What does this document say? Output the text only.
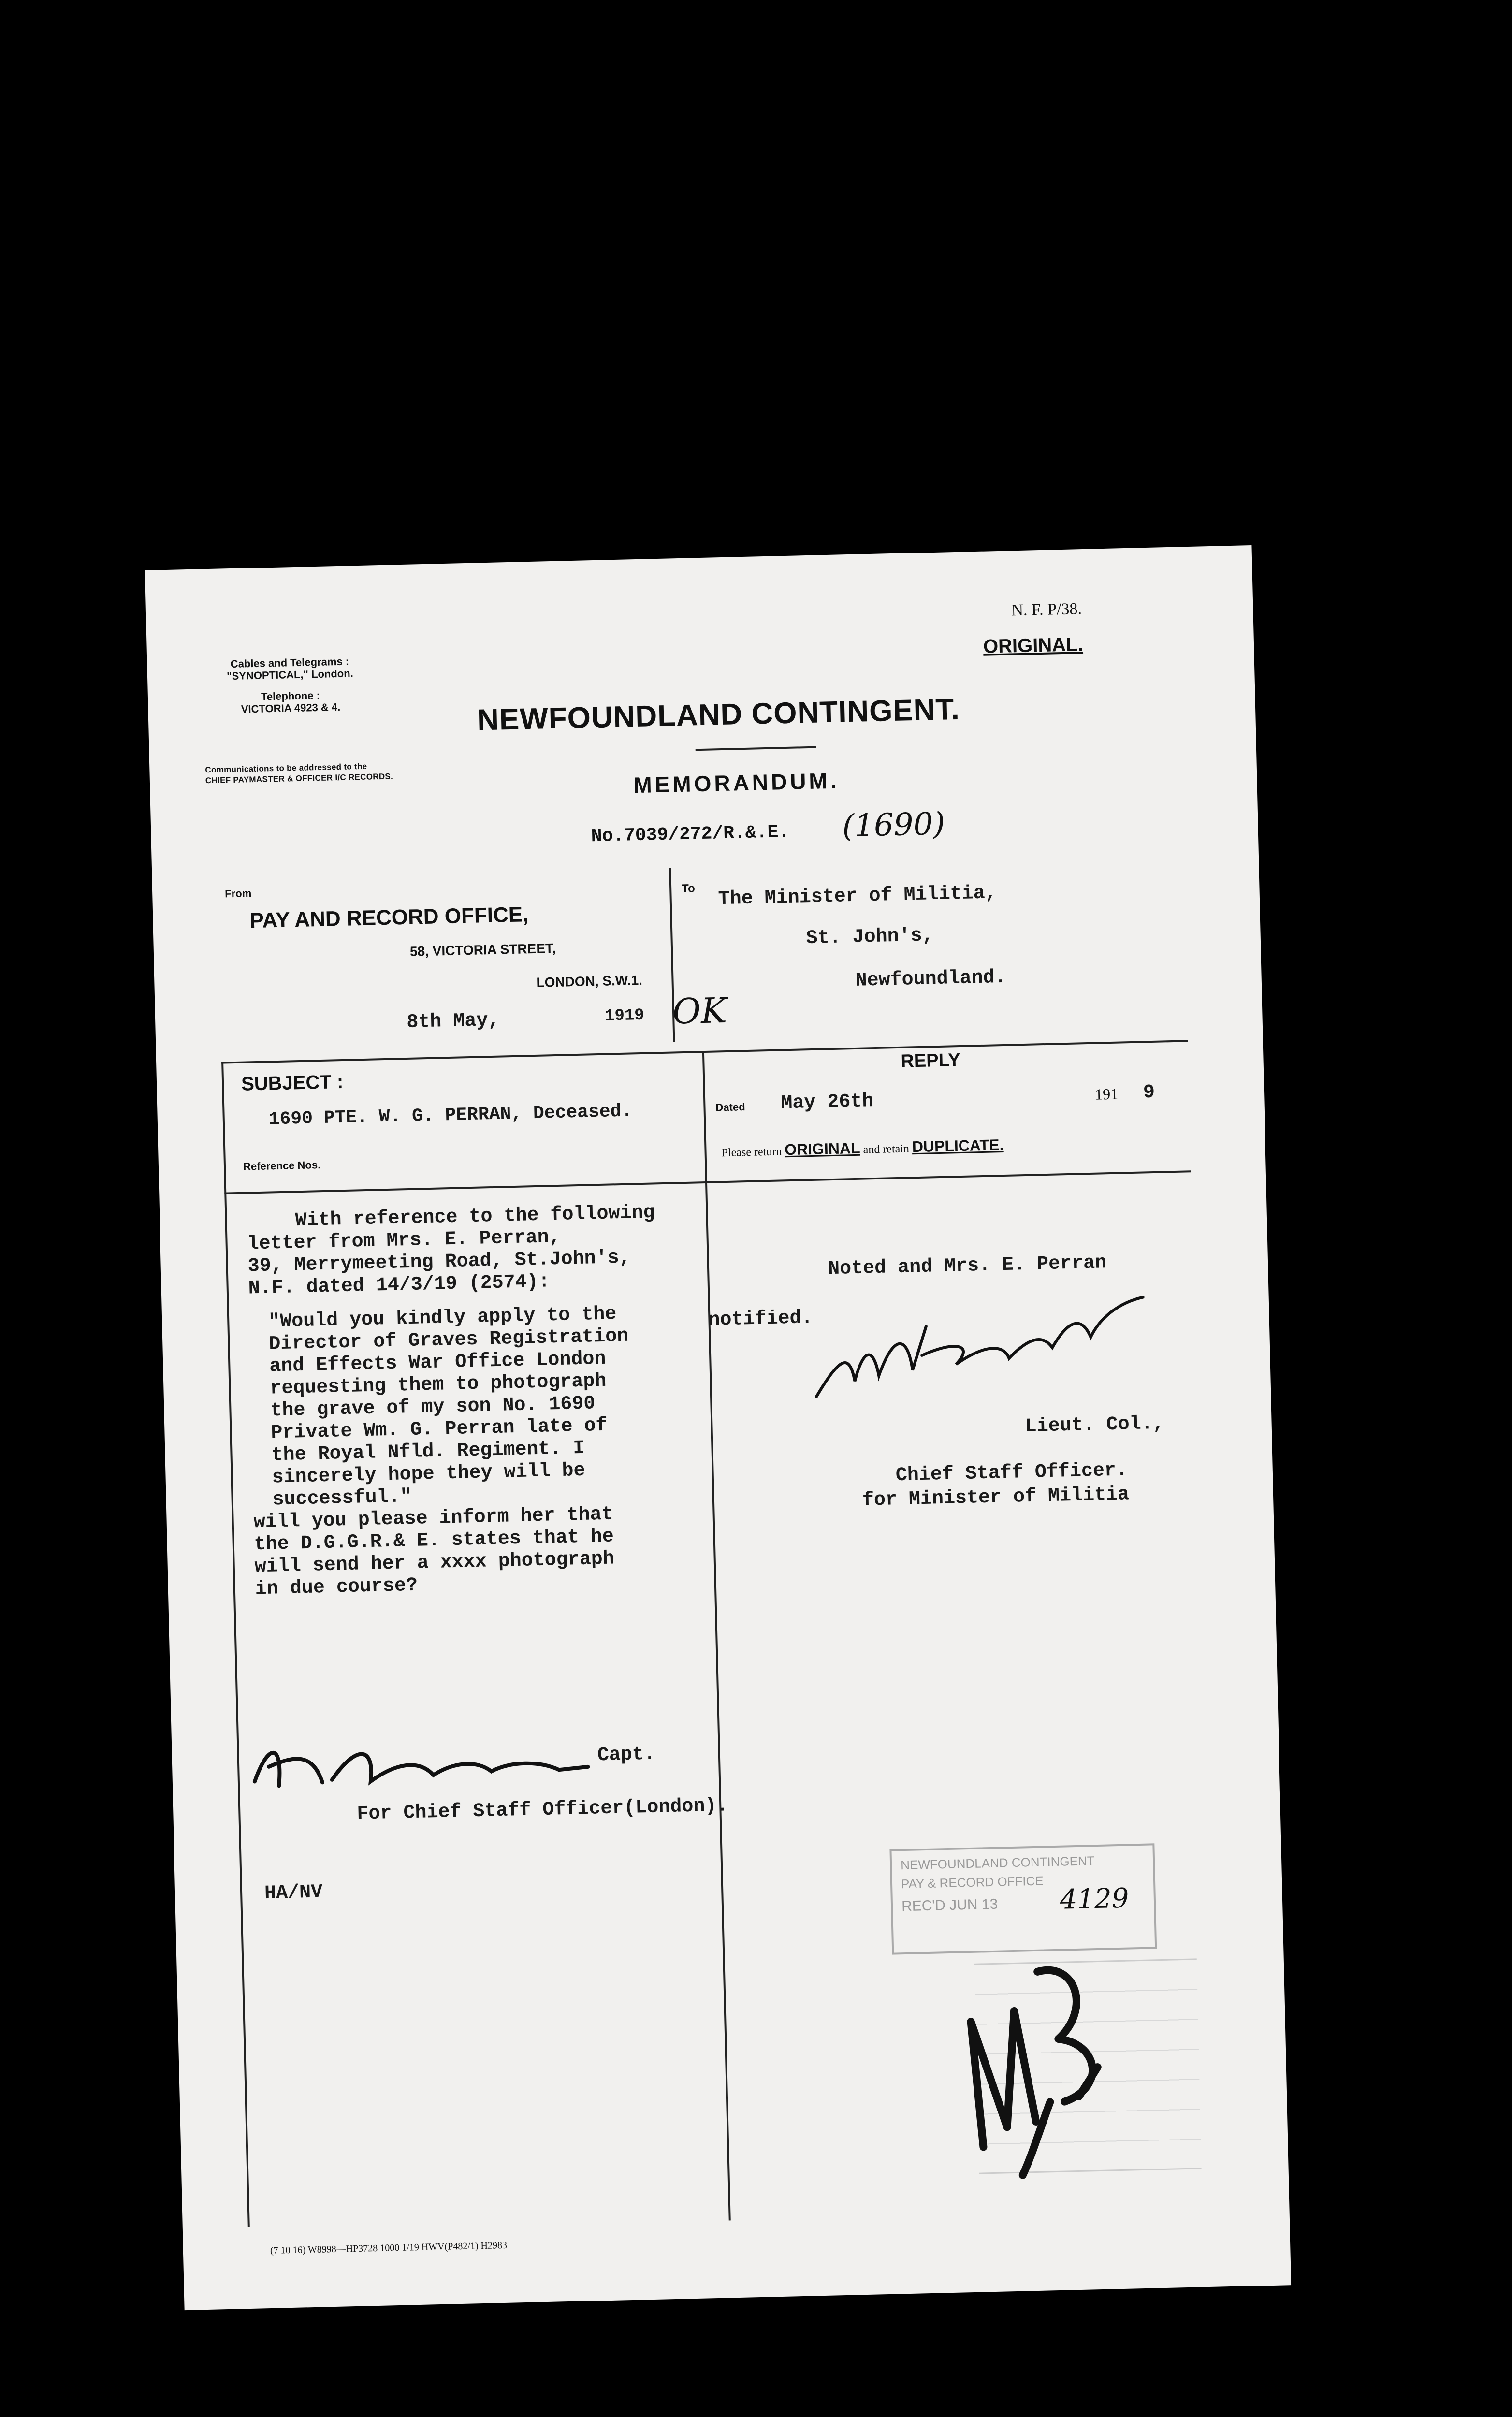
Cables and Telegrams :
"SYNOPTICAL," London.
Telephone :
VICTORIA 4923 & 4.
Communications to be addressed to the
CHIEF PAYMASTER & OFFICER I/C RECORDS.
N. F. P/38.
ORIGINAL.
NEWFOUNDLAND CONTINGENT.
MEMORANDUM.
No.7039/272/R.&.E. (1690)
From
PAY AND RECORD OFFICE,
58, VICTORIA STREET,
LONDON, S.W.1.
8th May,	1919
To The Minister of Militia,
St. John's,
Newfoundland.
OK
SUBJECT :
1690 PTE. W. G. PERRAN, Deceased.
Reference Nos.
REPLY
Dated May 26th	191 9
Please return ORIGINAL and retain DUPLICATE.
With reference to the following
letter from Mrs. E. Perran,
39, Merrymeeting Road, St.John's,
N.F. dated 14/3/19 (2574):
"Would you kindly apply to the
Director of Graves Registration
and Effects War Office London
requesting them to photograph
the grave of my son No. 1690
Private Wm. G. Perran late of
the Royal Nfld. Regiment. I
sincerely hope they will be
successful."
will you please inform her that
the D.G.G.R.& E. states that he
will send her a xxxx photograph
in due course?
Capt.
For Chief Staff Officer(London).
HA/NV
Noted and Mrs. E. Perran
notified.
Lieut. Col.,
Chief Staff Officer.
for Minister of Militia
NEWFOUNDLAND CONTINGENT
PAY & RECORD OFFICE
REC'D JUN 13	4129
(7 10 16) W8998—HP3728 1000 1/19 HWV(P482/1) H2983
